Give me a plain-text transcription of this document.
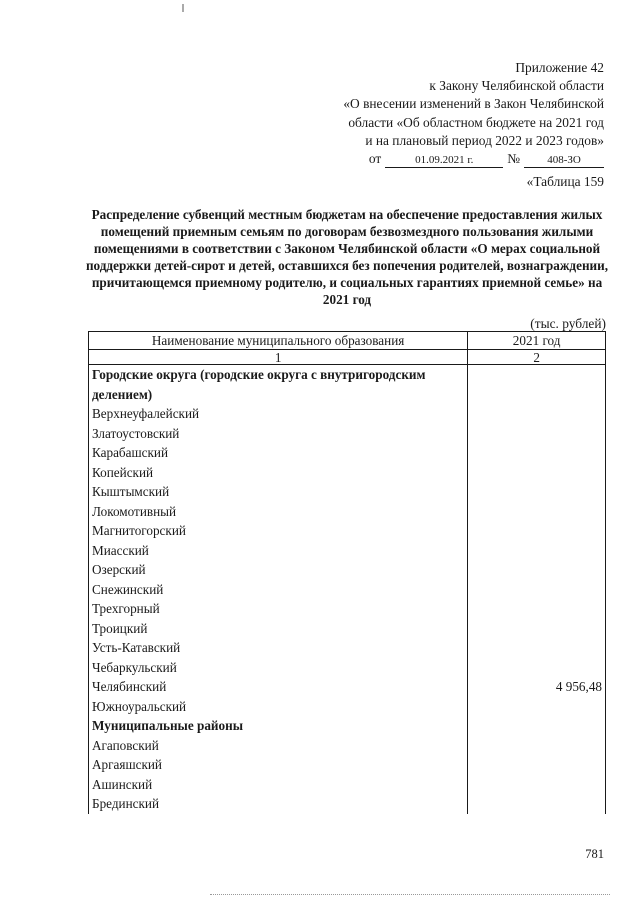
Приложение 42
к Закону Челябинской области
«О внесении изменений в Закон Челябинской
области «Об областном бюджете на 2021 год
и на плановый период 2022 и 2023 годов»
от	01.09.2021 г.	№	408-ЗО
«Таблица 159
Распределение субвенций местным бюджетам на обеспечение предоставления жилых помещений приемным семьям по договорам безвозмездного пользования жилыми помещениями в соответствии с Законом Челябинской области «О мерах социальной поддержки детей-сирот и детей, оставшихся без попечения родителей, вознаграждении, причитающемся приемному родителю, и социальных гарантиях приемной семье» на 2021 год
(тыс. рублей)
Наименование муниципального образования	2021 год
1	2
Городские округа (городские округа с внутригородским делением)	
Верхнеуфалейский	
Златоустовский	
Карабашский	
Копейский	
Кыштымский	
Локомотивный	
Магнитогорский	
Миасский	
Озерский	
Снежинский	
Трехгорный	
Троицкий	
Усть-Катавский	
Чебаркульский	
Челябинский	4 956,48
Южноуральский	
Муниципальные районы	
Агаповский	
Аргаяшский	
Ашинский	
Брединский	
781
